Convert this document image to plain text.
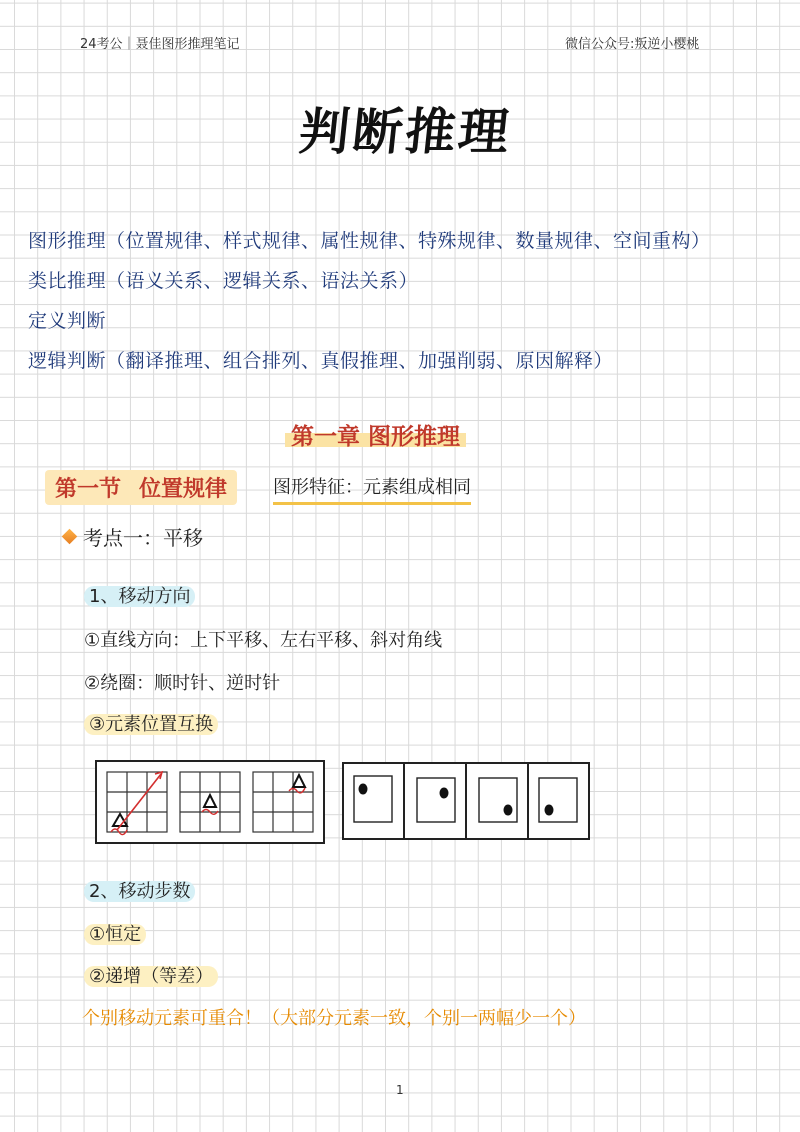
24考公｜聂佳图形推理笔记	微信公众号:叛逆小樱桃
判断推理
图形推理（位置规律、样式规律、属性规律、特殊规律、数量规律、空间重构）
类比推理（语义关系、逻辑关系、语法关系）
定义判断
逻辑判断（翻译推理、组合排列、真假推理、加强削弱、原因解释）
第一章 图形推理
第一节 位置规律	图形特征：元素组成相同
考点一：平移
1、移动方向
①直线方向：上下平移、左右平移、斜对角线
②绕圈：顺时针、逆时针
③元素位置互换
2、移动步数
①恒定
②递增（等差）
个别移动元素可重合！（大部分元素一致，个别一两幅少一个）
1
